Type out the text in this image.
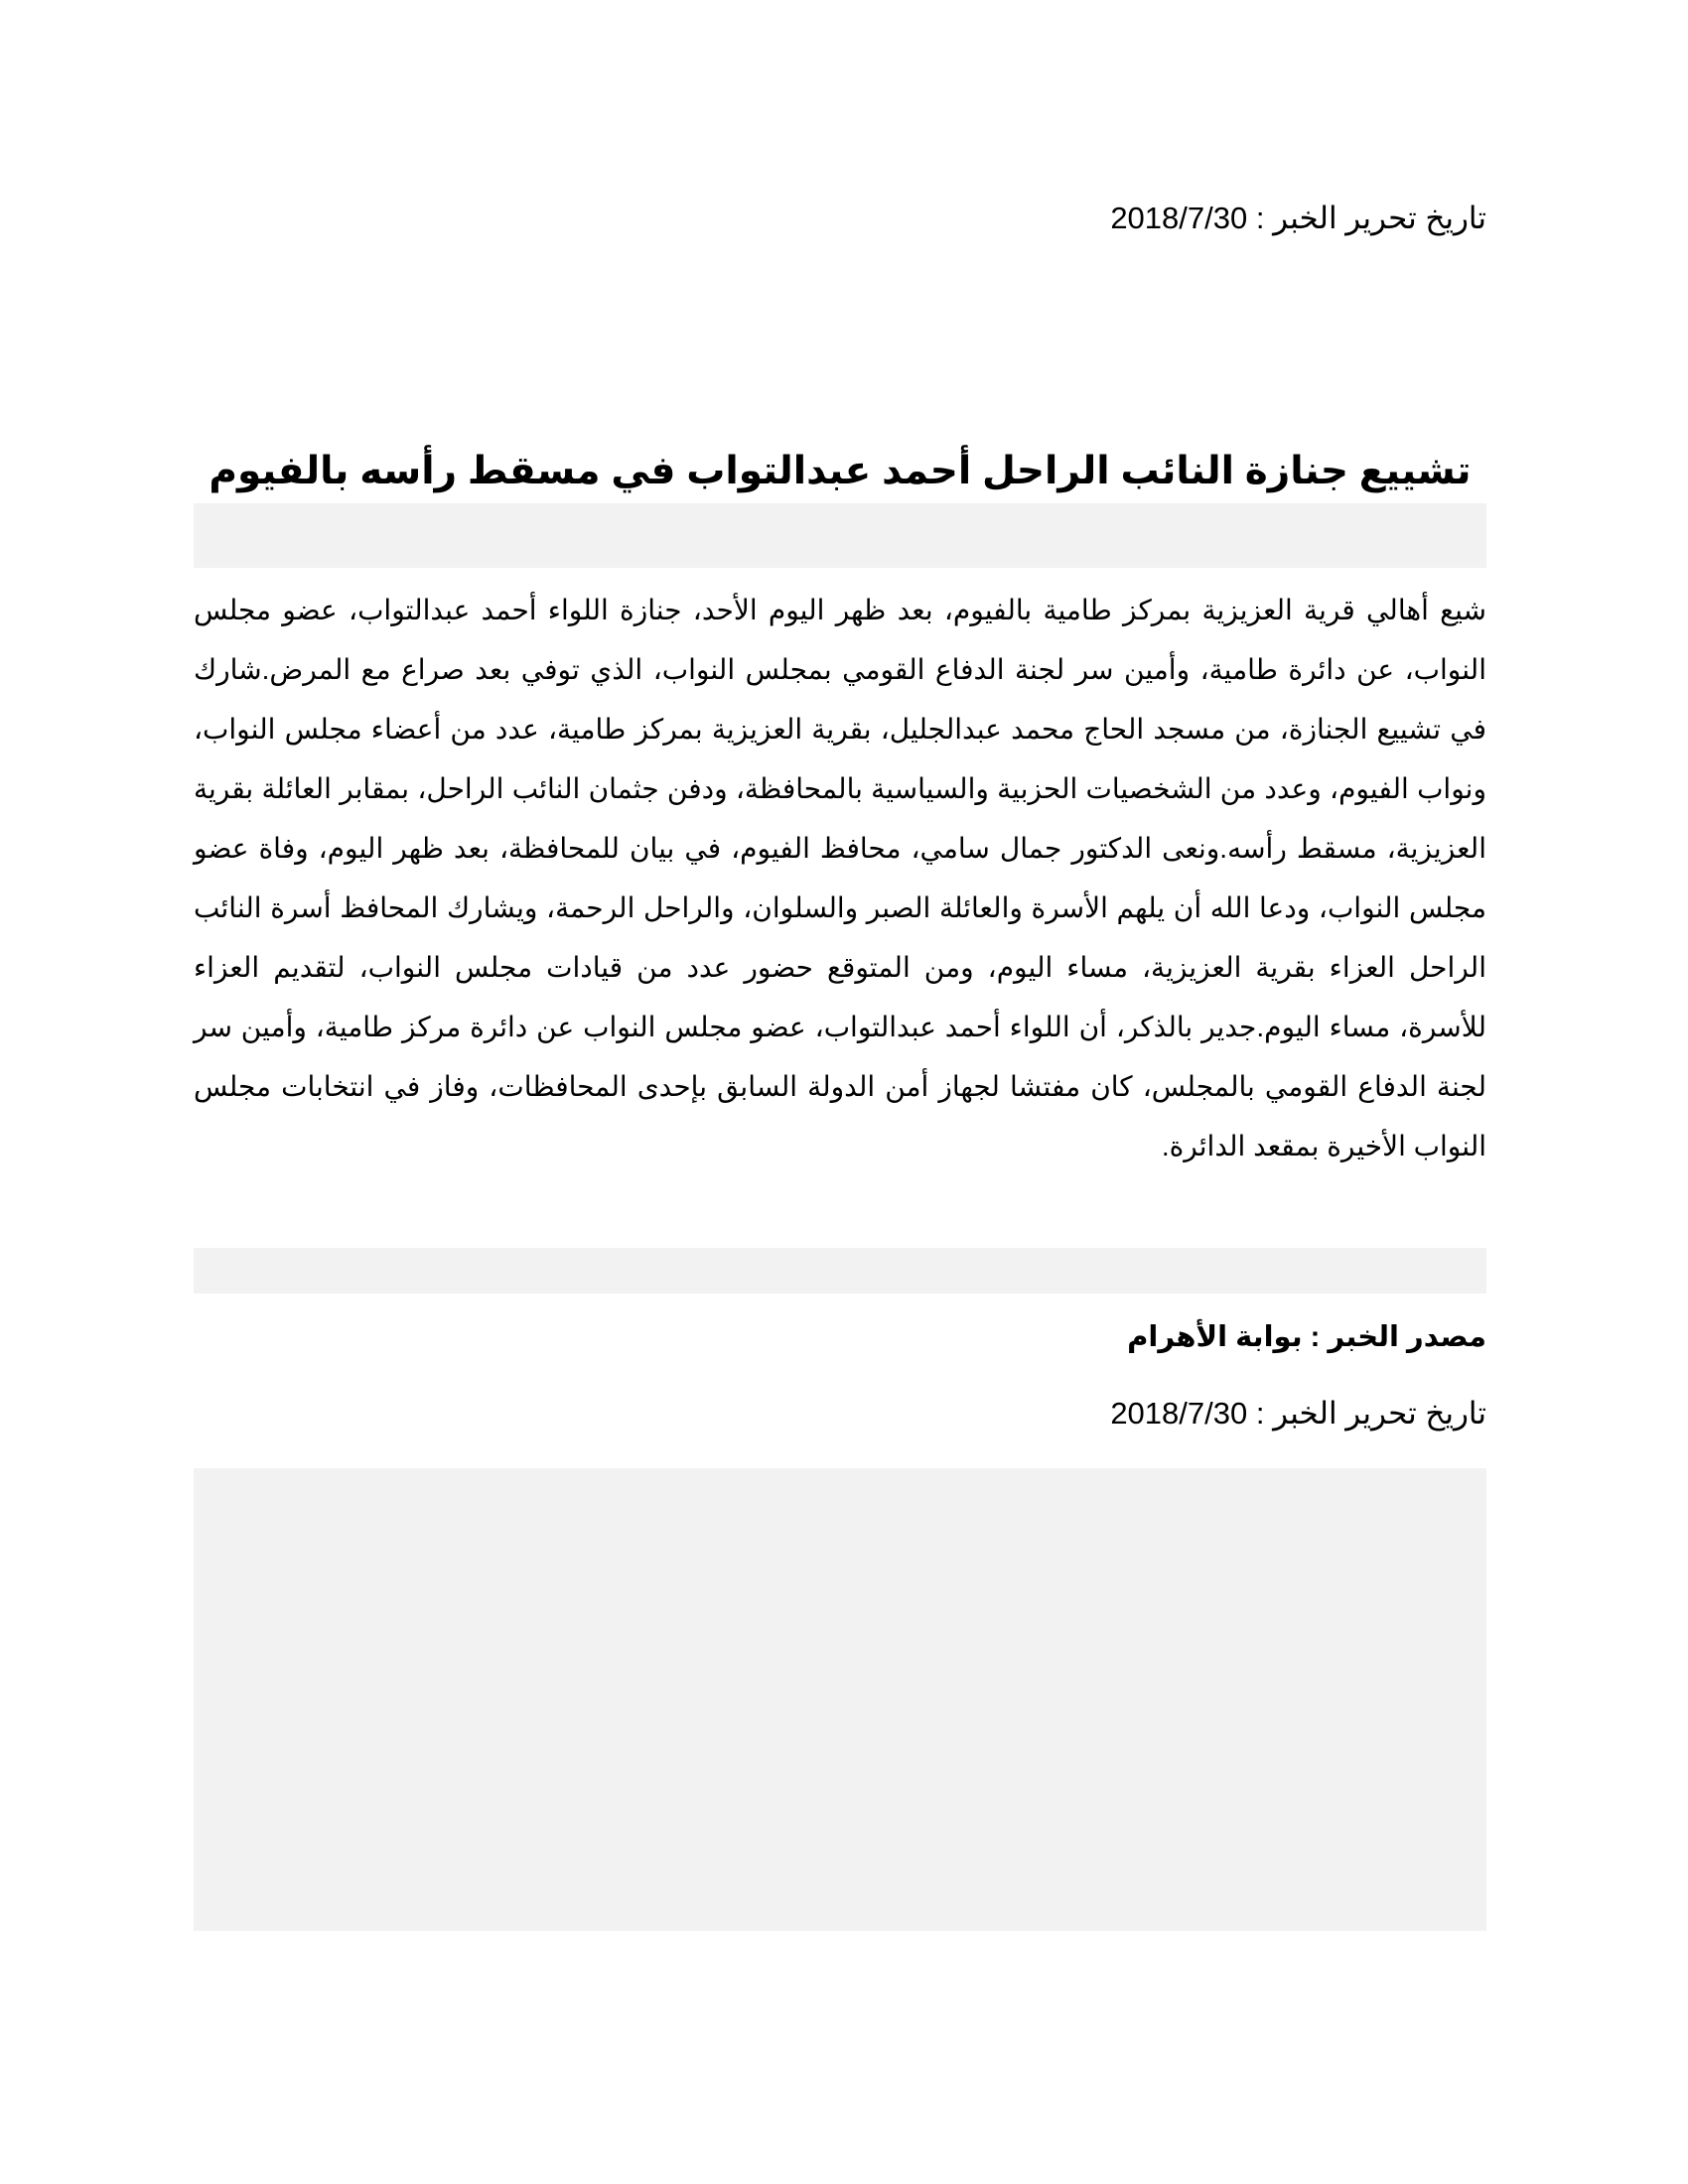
تاريخ تحرير الخبر : 2018/7/30
تشييع جنازة النائب الراحل أحمد عبدالتواب في مسقط رأسه بالفيوم

شيع أهالي قرية العزيزية بمركز طامية بالفيوم، بعد ظهر اليوم الأحد، جنازة اللواء أحمد عبدالتواب، عضو مجلس النواب، عن دائرة طامية، وأمين سر لجنة الدفاع القومي بمجلس النواب، الذي توفي بعد صراع مع المرض.شارك في تشييع الجنازة، من مسجد الحاج محمد عبدالجليل، بقرية العزيزية بمركز طامية، عدد من أعضاء مجلس النواب، ونواب الفيوم، وعدد من الشخصيات الحزبية والسياسية بالمحافظة، ودفن جثمان النائب الراحل، بمقابر العائلة بقرية العزيزية، مسقط رأسه.ونعى الدكتور جمال سامي، محافظ الفيوم، في بيان للمحافظة، بعد ظهر اليوم، وفاة عضو مجلس النواب، ودعا الله أن يلهم الأسرة والعائلة الصبر والسلوان، والراحل الرحمة، ويشارك المحافظ أسرة النائب الراحل العزاء بقرية العزيزية، مساء اليوم، ومن المتوقع حضور عدد من قيادات مجلس النواب، لتقديم العزاء للأسرة، مساء اليوم.جدير بالذكر، أن اللواء أحمد عبدالتواب، عضو مجلس النواب عن دائرة مركز طامية، وأمين سر لجنة الدفاع القومي بالمجلس، كان مفتشا لجهاز أمن الدولة السابق بإحدى المحافظات، وفاز في انتخابات مجلس النواب الأخيرة بمقعد الدائرة.

مصدر الخبر : بوابة الأهرام
تاريخ تحرير الخبر : 2018/7/30
